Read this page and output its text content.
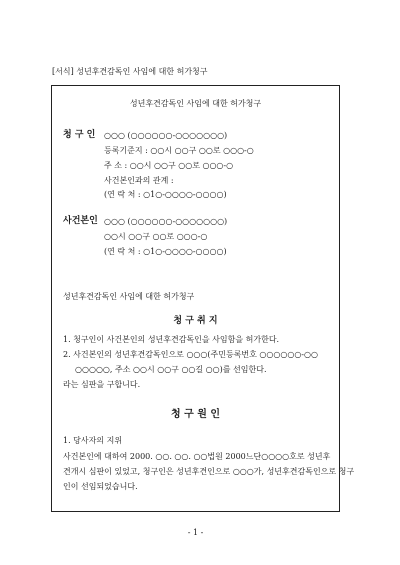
[서식] 성년후견감독인 사임에 대한 허가청구
성년후견감독인 사임에 대한 허가청구
청 구 인 ○○○ (○○○○○○-○○○○○○○)
등록기준지 : ○○시 ○○구 ○○로 ○○○-○
주 소 : ○○시 ○○구 ○○로 ○○○-○
사건본인과의 관계 :
(연 락 처 : ○1○-○○○○-○○○○)
사건본인 ○○○ (○○○○○○-○○○○○○○)
○○시 ○○구 ○○로 ○○○-○
(연 락 처 : ○1○-○○○○-○○○○)
성년후견감독인 사임에 대한 허가청구
청 구 취 지
1. 청구인이 사건본인의 성년후견감독인을 사임함을 허가한다.
2. 사건본인의 성년후견감독인으로 ○○○(주민등록번호 ○○○○○○-○○
○○○○○, 주소 ○○시 ○○구 ○○길 ○○)를 선임한다.
라는 심판을 구합니다.
청 구 원 인
1. 당사자의 지위
사건본인에 대하여 2000. ○○. ○○. ○○법원 2000느단○○○○호로 성년후
견개시 심판이 있었고, 청구인은 성년후견인으로 ○○○가, 성년후견감독인으로 청구
인이 선임되었습니다.
- 1 -
